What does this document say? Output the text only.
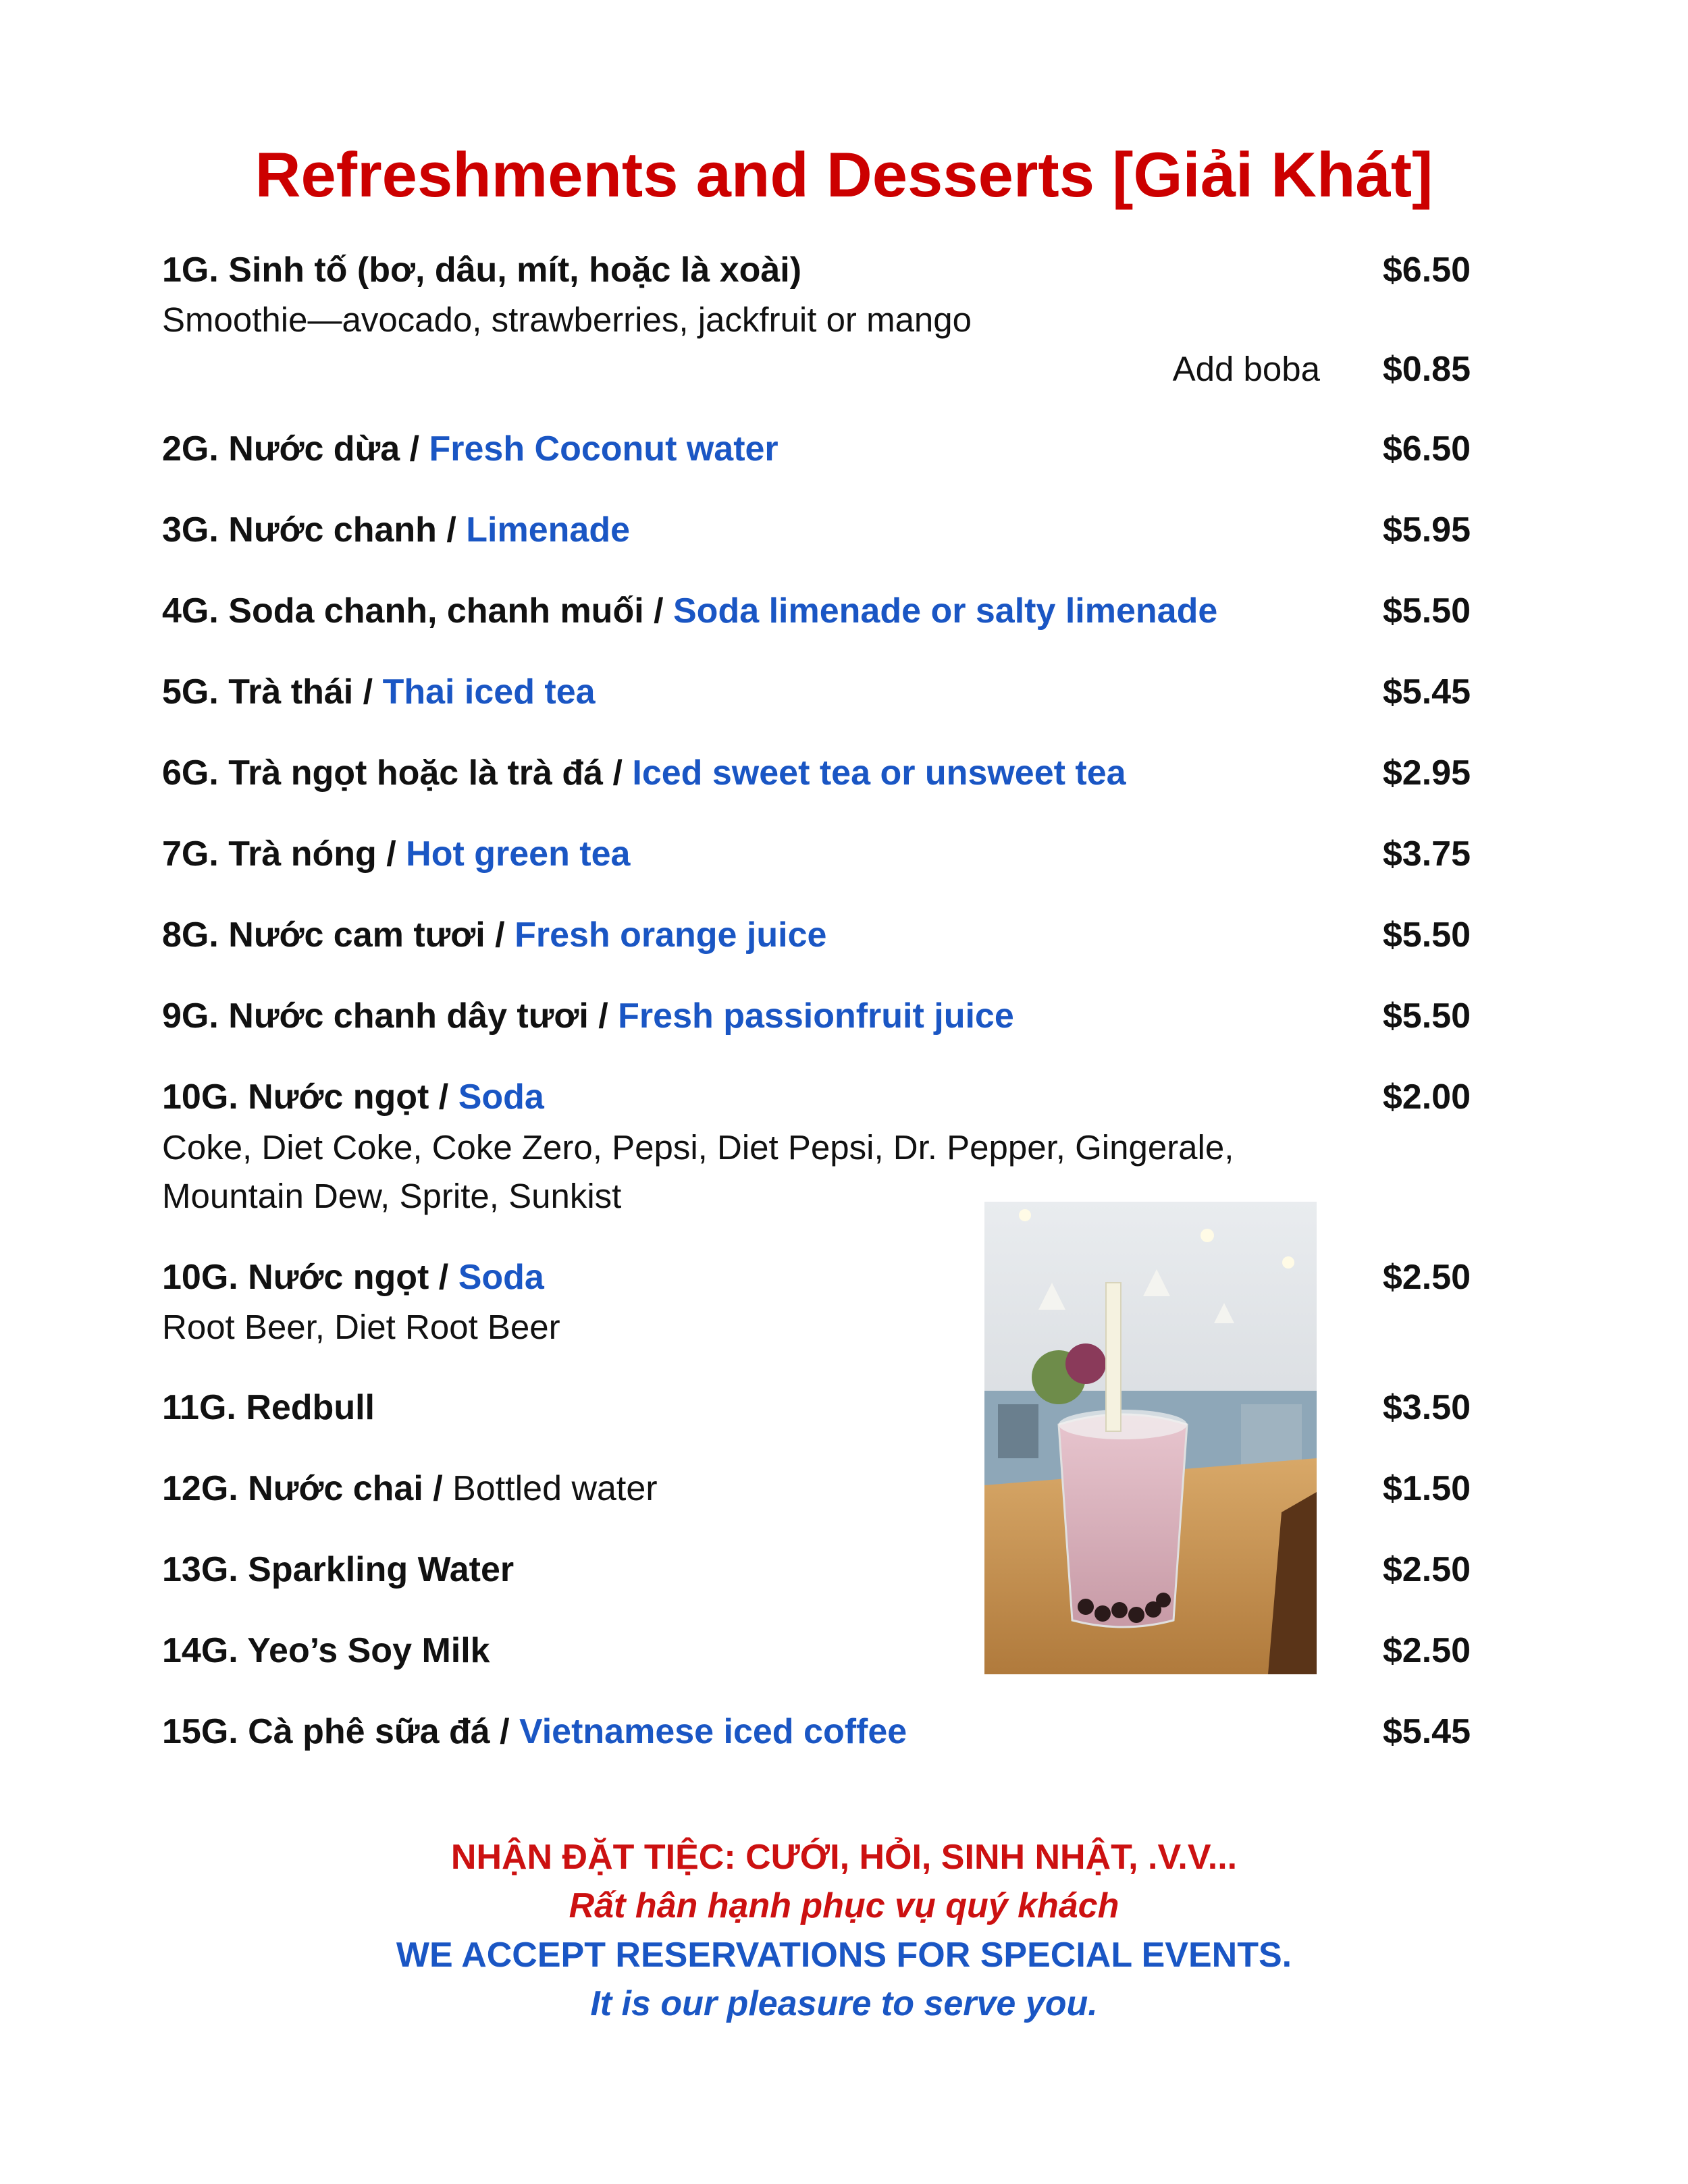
Refreshments and Desserts [Giải Khát]
1G. Sinh tố (bơ, dâu, mít, hoặc là xoài)	$6.50
Smoothie—avocado, strawberries, jackfruit or mango
Add boba $0.85
2G. Nước dừa / Fresh Coconut water	$6.50
3G. Nước chanh / Limenade	$5.95
4G. Soda chanh, chanh muối / Soda limenade or salty limenade	$5.50
5G. Trà thái / Thai iced tea	$5.45
6G. Trà ngọt hoặc là trà đá / Iced sweet tea or unsweet tea	$2.95
7G. Trà nóng / Hot green tea	$3.75
8G. Nước cam tươi / Fresh orange juice	$5.50
9G. Nước chanh dây tươi / Fresh passionfruit juice	$5.50
10G. Nước ngọt / Soda	$2.00
Coke, Diet Coke, Coke Zero, Pepsi, Diet Pepsi, Dr. Pepper, Gingerale,
Mountain Dew, Sprite, Sunkist
10G. Nước ngọt / Soda	$2.50
Root Beer, Diet Root Beer
11G. Redbull	$3.50
12G. Nước chai / Bottled water	$1.50
13G. Sparkling Water	$2.50
14G. Yeo’s Soy Milk	$2.50
15G. Cà phê sữa đá / Vietnamese iced coffee	$5.45
NHẬN ĐẶT TIỆC: CƯỚI, HỎI, SINH NHẬT, .V.V...
Rất hân hạnh phục vụ quý khách
WE ACCEPT RESERVATIONS FOR SPECIAL EVENTS.
It is our pleasure to serve you.
